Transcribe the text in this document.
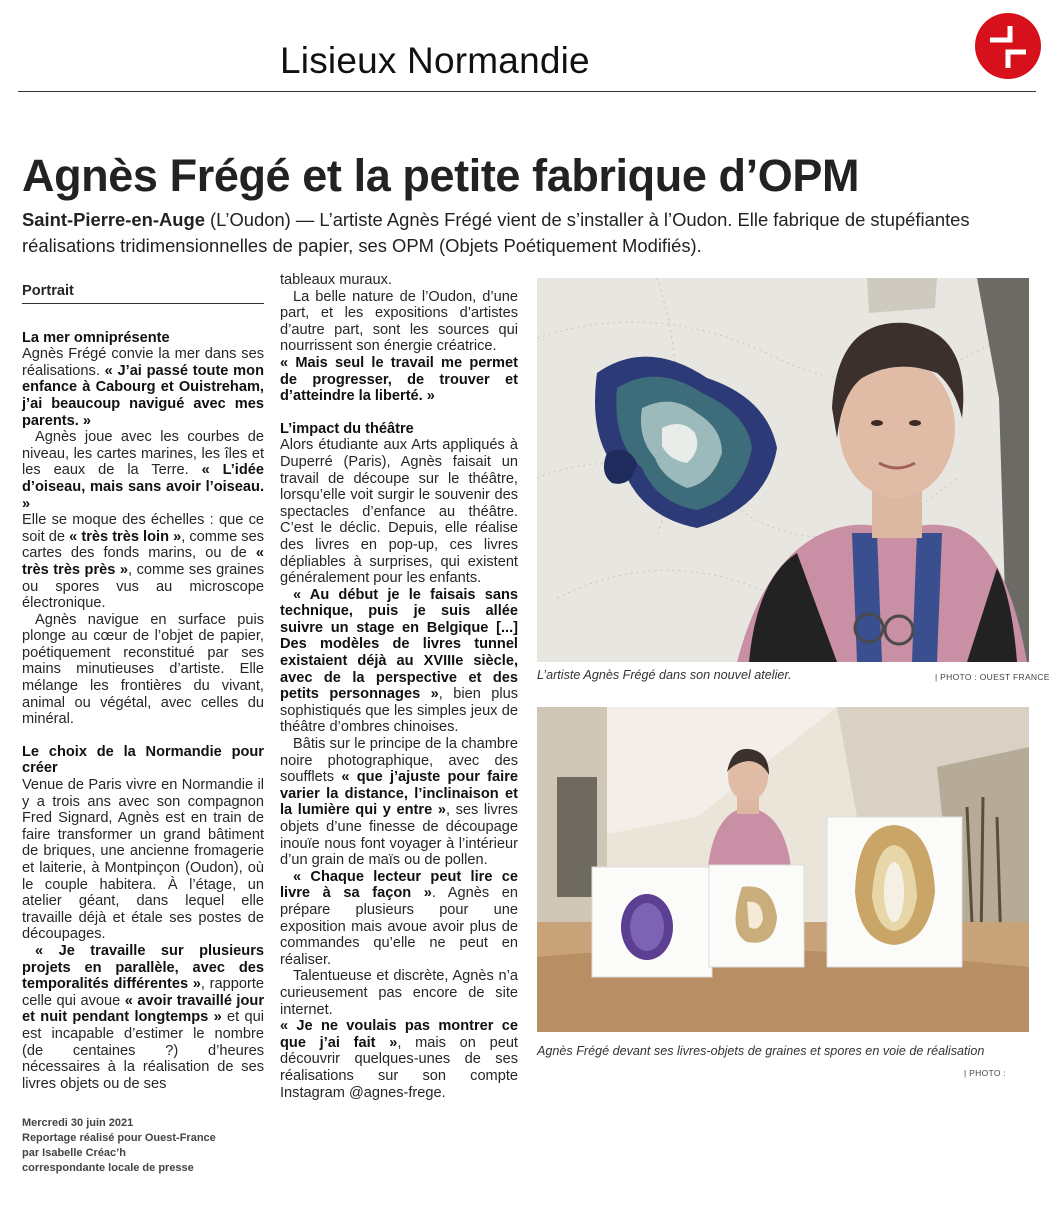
Lisieux Normandie
Agnès Frégé et la petite fabrique d’OPM
Saint-Pierre-en-Auge (L’Oudon) — L’artiste Agnès Frégé vient de s’installer à l’Oudon. Elle fabrique de stupéfiantes réalisations tridimensionnelles de papier, ses OPM (Objets Poétiquement Modifiés).
Portrait
La mer omniprésente

Agnès Frégé convie la mer dans ses réalisations. « J’ai passé toute mon enfance à Cabourg et Ouistreham, j’ai beaucoup navigué avec mes parents. »

Agnès joue avec les courbes de niveau, les cartes marines, les îles et les eaux de la Terre. « L’idée d’oiseau, mais sans avoir l’oiseau. »

Elle se moque des échelles : que ce soit de « très très loin », comme ses cartes des fonds marins, ou de « très très près », comme ses graines ou spores vus au microscope électronique.

Agnès navigue en surface puis plonge au cœur de l’objet de papier, poétiquement reconstitué par ses mains minutieuses d’artiste. Elle mélange les frontières du vivant, animal ou végétal, avec celles du minéral.

Le choix de la Normandie pour créer

Venue de Paris vivre en Normandie il y a trois ans avec son compagnon Fred Signard, Agnès est en train de faire transformer un grand bâtiment de briques, une ancienne fromagerie et laiterie, à Montpinçon (Oudon), où le couple habitera. À l’étage, un atelier géant, dans lequel elle travaille déjà et étale ses postes de découpages.

« Je travaille sur plusieurs projets en parallèle, avec des temporalités différentes », rapporte celle qui avoue « avoir travaillé jour et nuit pendant longtemps » et qui est incapable d’estimer le nombre (de centaines ?) d’heures nécessaires à la réalisation de ses livres objets ou de ses

tableaux muraux.

La belle nature de l’Oudon, d’une part, et les expositions d’artistes d’autre part, sont les sources qui nourrissent son énergie créatrice.

« Mais seul le travail me permet de progresser, de trouver et d’atteindre la liberté. »

L’impact du théâtre

Alors étudiante aux Arts appliqués à Duperré (Paris), Agnès faisait un travail de découpe sur le théâtre, lorsqu’elle voit surgir le souvenir des spectacles d’enfance au théâtre. C’est le déclic. Depuis, elle réalise des livres en pop-up, ces livres dépliables à surprises, qui existent généralement pour les enfants.

« Au début je le faisais sans technique, puis je suis allée suivre un stage en Belgique [...] Des modèles de livres tunnel existaient déjà au XVIIIe siècle, avec de la perspective et des petits personnages », bien plus sophistiqués que les simples jeux de théâtre d’ombres chinoises.

Bâtis sur le principe de la chambre noire photographique, avec des soufflets « que j’ajuste pour faire varier la distance, l’inclinaison et la lumière qui y entre », ses livres objets d’une finesse de découpage inouïe nous font voyager à l’intérieur d’un grain de maïs ou de pollen.

« Chaque lecteur peut lire ce livre à sa façon ». Agnès en prépare plusieurs pour une exposition mais avoue avoir plus de commandes qu’elle ne peut en réaliser.

Talentueuse et discrète, Agnès n’a curieusement pas encore de site internet.

« Je ne voulais pas montrer ce que j’ai fait », mais on peut découvrir quelques-unes de ses réalisations sur son compte Instagram @agnes-frege.

L’artiste Agnès Frégé dans son nouvel atelier.	| PHOTO : OUEST FRANCE
Agnès Frégé devant ses livres-objets de graines et spores en voie de réalisation
| PHOTO :
Mercredi 30 juin 2021
Reportage réalisé pour Ouest-France
par Isabelle Créac’h
correspondante locale de presse
